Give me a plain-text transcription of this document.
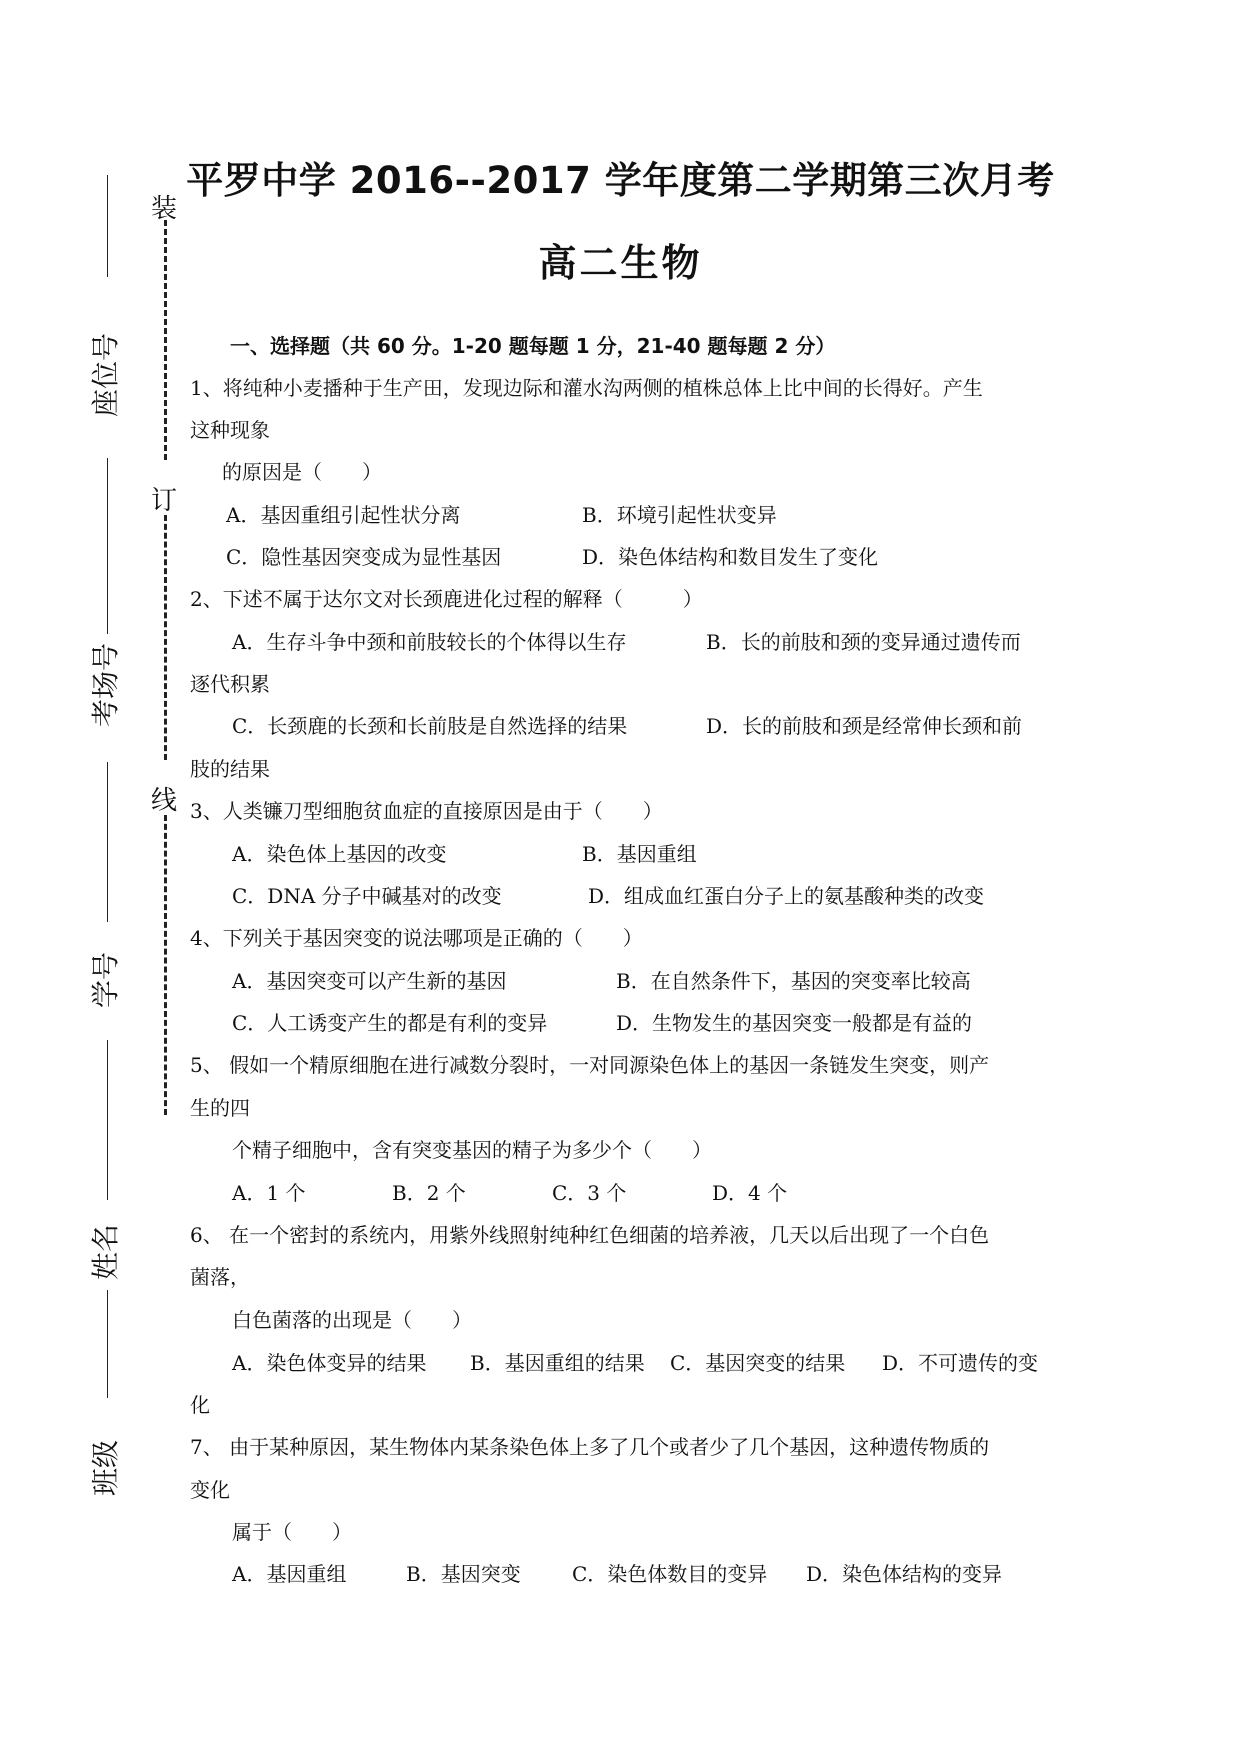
平罗中学 2016--2017 学年度第二学期第三次月考
高二生物
座位号
考场号
学号
姓名
班级
装
订
线
一、选择题（共 60 分。1-20 题每题 1 分，21-40 题每题 2 分）
1、将纯种小麦播种于生产田，发现边际和灌水沟两侧的植株总体上比中间的长得好。产生
这种现象
的原因是（　　）
A．基因重组引起性状分离	B．环境引起性状变异
C．隐性基因突变成为显性基因	D．染色体结构和数目发生了变化
2、下述不属于达尔文对长颈鹿进化过程的解释（　　　）
A．生存斗争中颈和前肢较长的个体得以生存	B．长的前肢和颈的变异通过遗传而
逐代积累
C．长颈鹿的长颈和长前肢是自然选择的结果	D．长的前肢和颈是经常伸长颈和前
肢的结果
3、人类镰刀型细胞贫血症的直接原因是由于（　　）
A．染色体上基因的改变	B．基因重组
C．DNA 分子中碱基对的改变	D．组成血红蛋白分子上的氨基酸种类的改变
4、下列关于基因突变的说法哪项是正确的（　　）
A．基因突变可以产生新的基因	B．在自然条件下，基因的突变率比较高
C．人工诱变产生的都是有利的变异	D．生物发生的基因突变一般都是有益的
5、 假如一个精原细胞在进行减数分裂时，一对同源染色体上的基因一条链发生突变，则产
生的四
个精子细胞中，含有突变基因的精子为多少个（　　）
A．1 个	B．2 个	C．3 个	D．4 个
6、 在一个密封的系统内，用紫外线照射纯种红色细菌的培养液，几天以后出现了一个白色
菌落，
白色菌落的出现是（　　）
A．染色体变异的结果 B．基因重组的结果 C．基因突变的结果 D．不可遗传的变
化
7、 由于某种原因，某生物体内某条染色体上多了几个或者少了几个基因，这种遗传物质的
变化
属于（　　）
A．基因重组	B．基因突变	C．染色体数目的变异 D．染色体结构的变异
